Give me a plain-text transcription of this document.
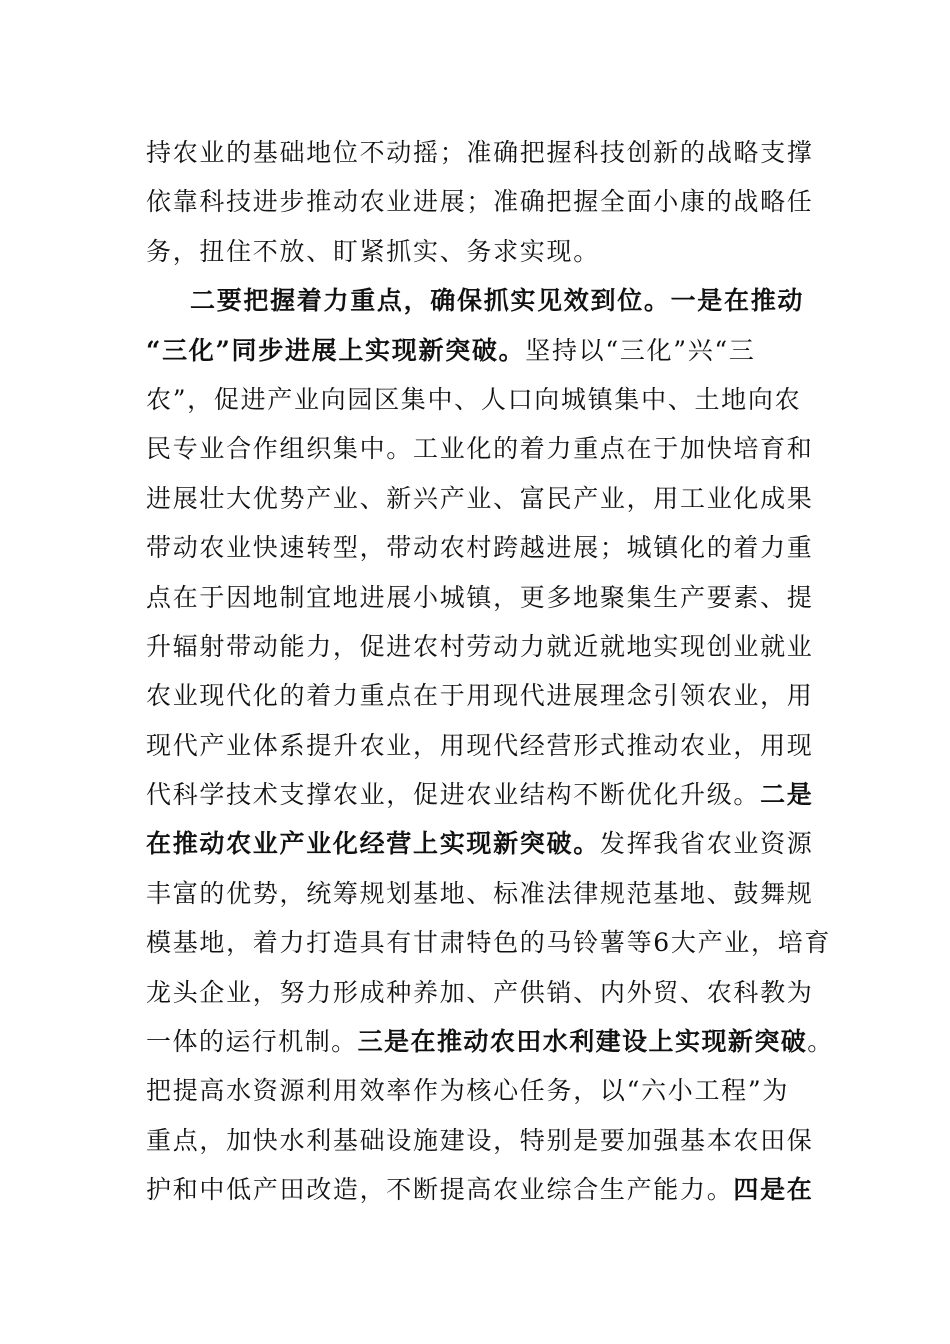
持农业的基础地位不动摇；准确把握科技创新的战略支撑
依靠科技进步推动农业进展；准确把握全面小康的战略任
务，扭住不放、盯紧抓实、务求实现。
二要把握着力重点，确保抓实见效到位。一是在推动
“三化”同步进展上实现新突破。坚持以“三化”兴“三
农”，促进产业向园区集中、人口向城镇集中、土地向农
民专业合作组织集中。工业化的着力重点在于加快培育和
进展壮大优势产业、新兴产业、富民产业，用工业化成果
带动农业快速转型，带动农村跨越进展；城镇化的着力重
点在于因地制宜地进展小城镇，更多地聚集生产要素、提
升辐射带动能力，促进农村劳动力就近就地实现创业就业
农业现代化的着力重点在于用现代进展理念引领农业，用
现代产业体系提升农业，用现代经营形式推动农业，用现
代科学技术支撑农业，促进农业结构不断优化升级。二是
在推动农业产业化经营上实现新突破。发挥我省农业资源
丰富的优势，统筹规划基地、标准法律规范基地、鼓舞规
模基地，着力打造具有甘肃特色的马铃薯等6大产业，培育
龙头企业，努力形成种养加、产供销、内外贸、农科教为
一体的运行机制。三是在推动农田水利建设上实现新突破。
把提高水资源利用效率作为核心任务，以“六小工程”为
重点，加快水利基础设施建设，特别是要加强基本农田保
护和中低产田改造，不断提高农业综合生产能力。四是在
